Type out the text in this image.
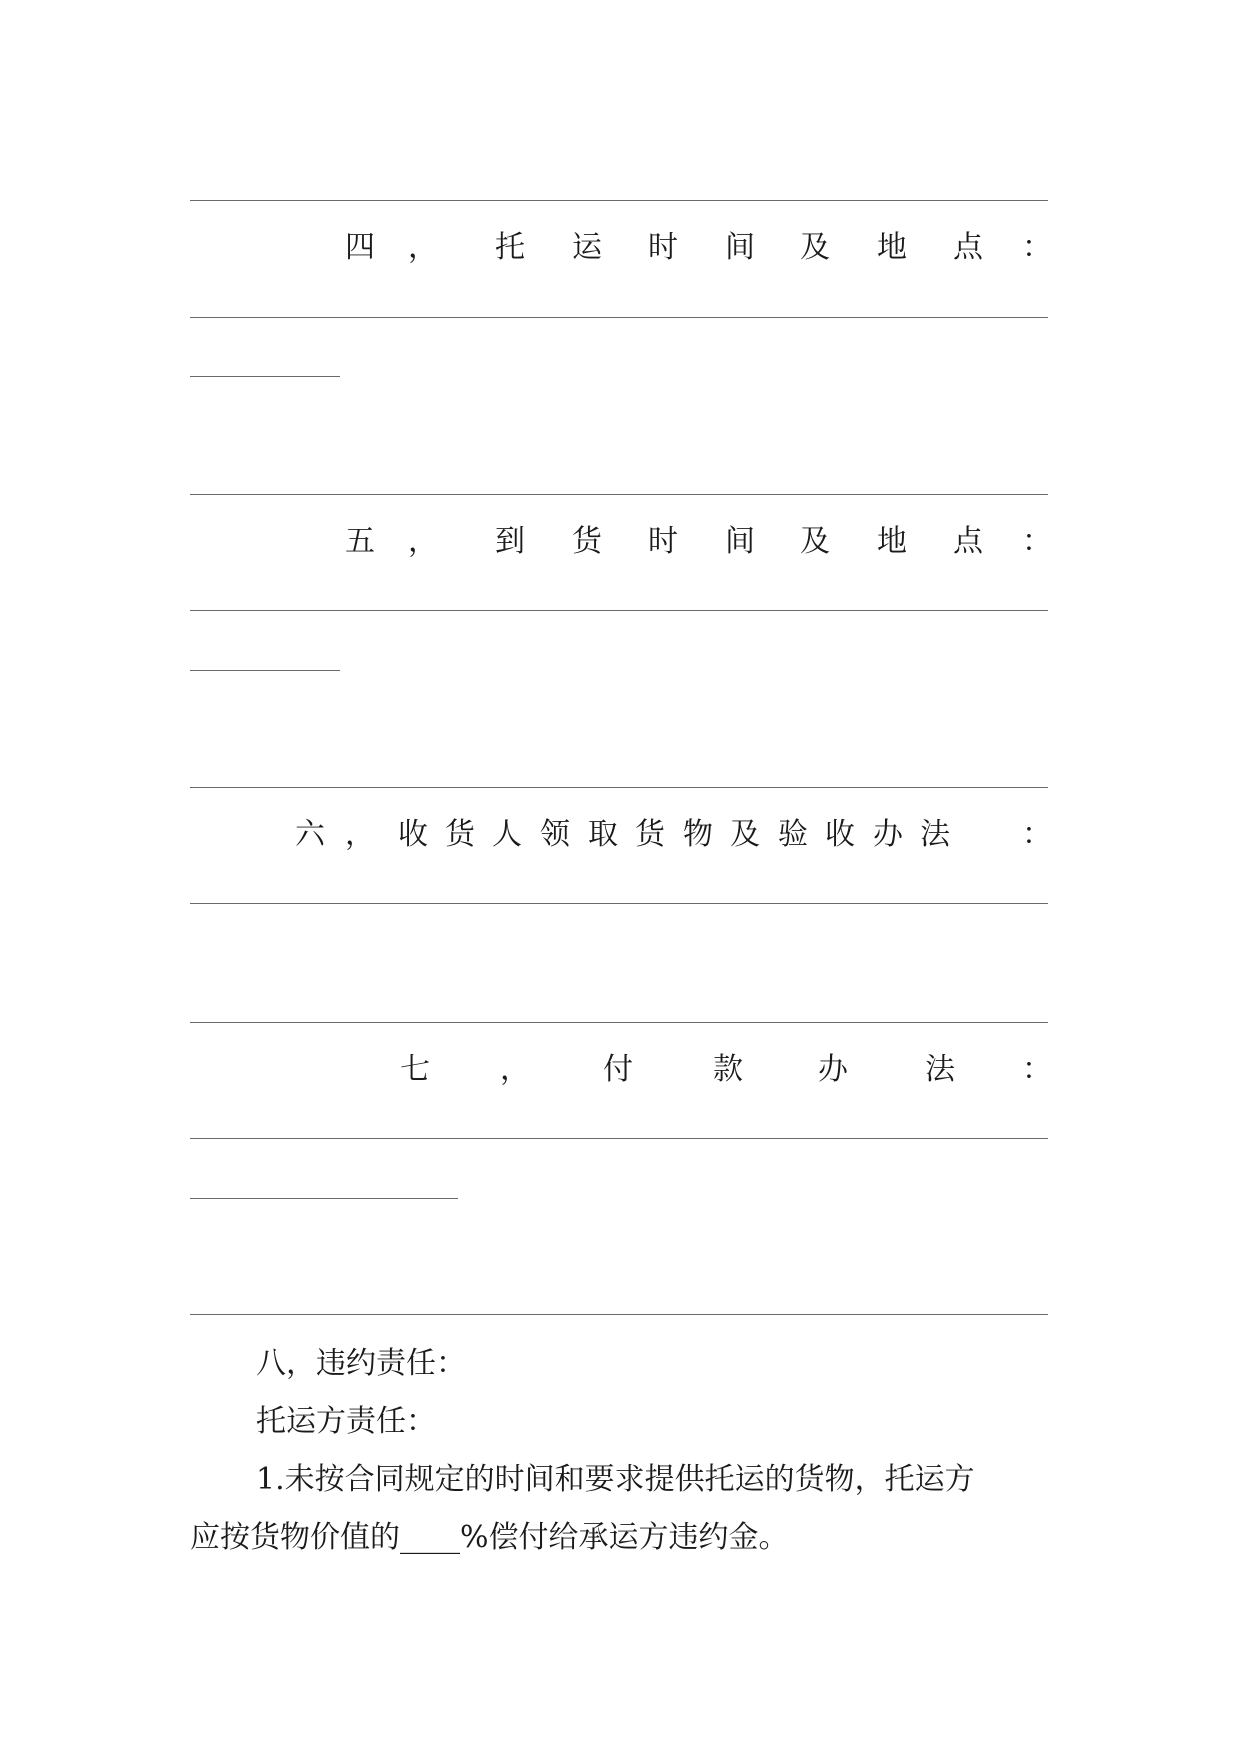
四 ， 托 运 时 间 及 地 点 ：
五 ， 到 货 时 间 及 地 点 ：
六 ， 收 货 人 领 取 货 物 及 验 收 办 法 ：
七 ， 付	款	办	法 ：
八，违约责任：
托运方责任：
1.未按合同规定的时间和要求提供托运的货物，托运方
应按货物价值的____%偿付给承运方违约金。
